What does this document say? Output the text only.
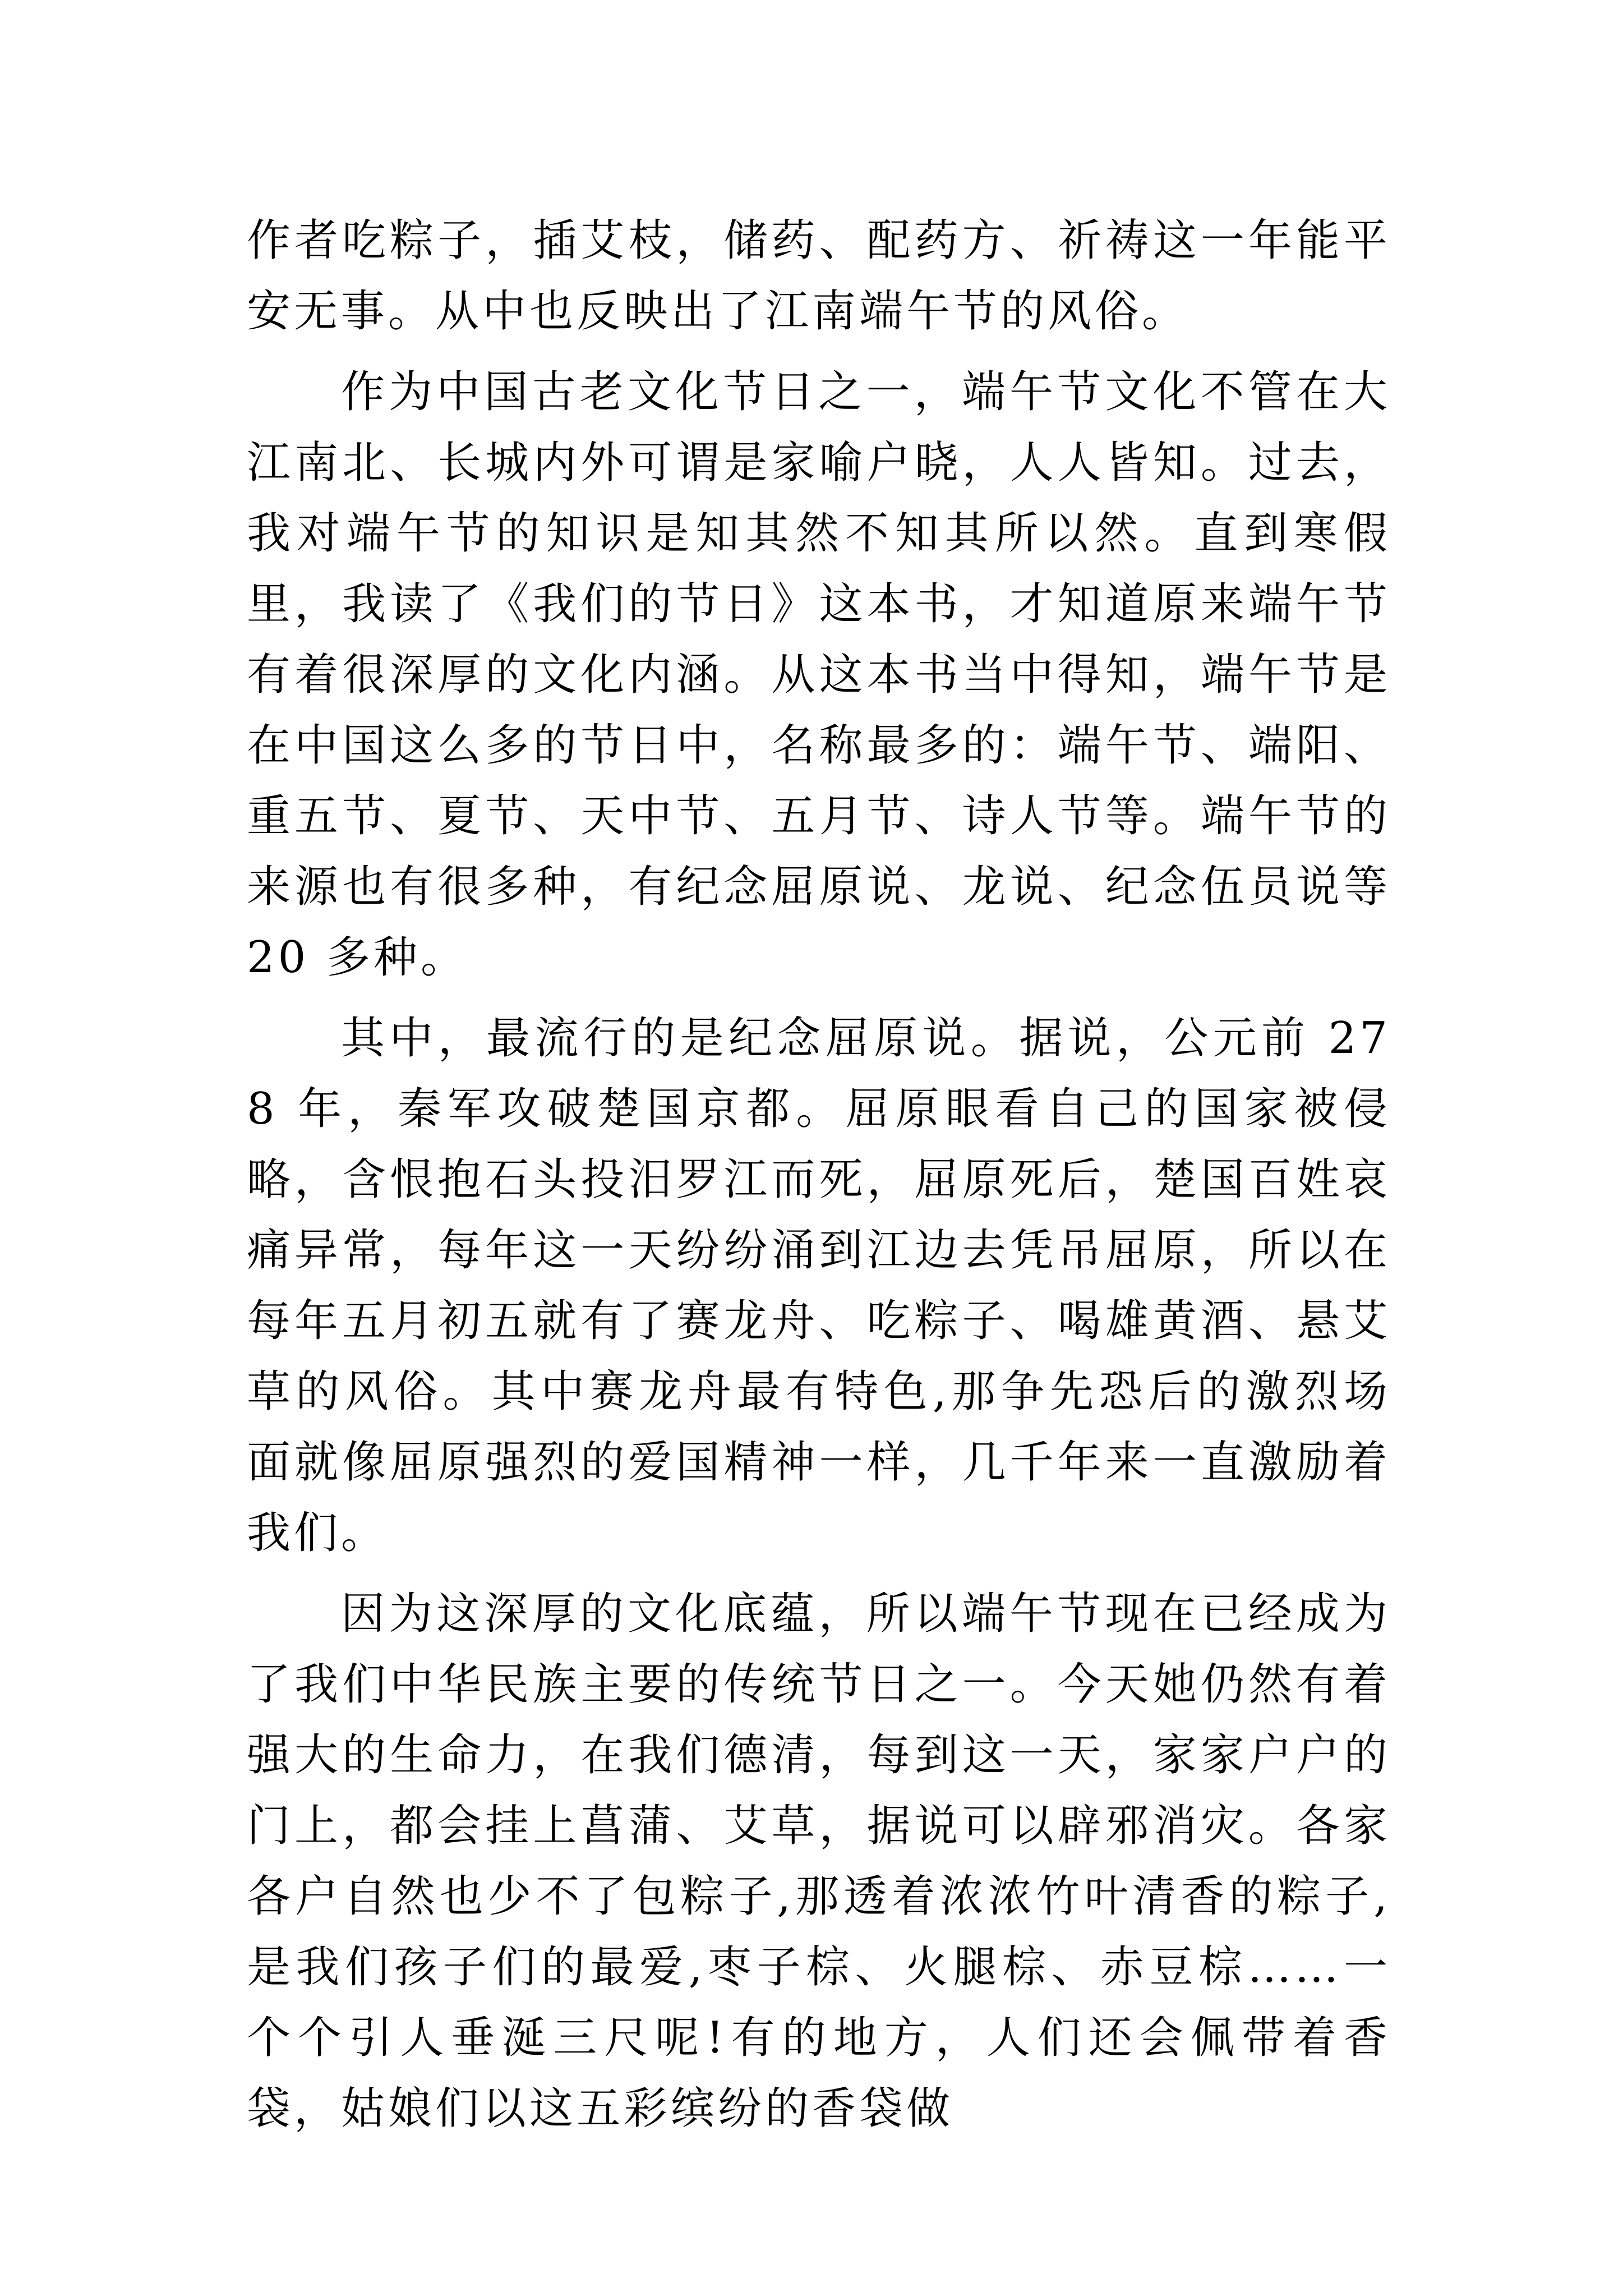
作者吃粽子，插艾枝，储药、配药方、祈祷这一年能平安无事。从中也反映出了江南端午节的风俗。

作为中国古老文化节日之一，端午节文化不管在大江南北、长城内外可谓是家喻户晓，人人皆知。过去，我对端午节的知识是知其然不知其所以然。直到寒假里，我读了《我们的节日》这本书，才知道原来端午节有着很深厚的文化内涵。从这本书当中得知，端午节是在中国这么多的节日中，名称最多的：端午节、端阳、重五节、夏节、天中节、五月节、诗人节等。端午节的来源也有很多种，有纪念屈原说、龙说、纪念伍员说等 20 多种。

其中，最流行的是纪念屈原说。据说，公元前 278 年，秦军攻破楚国京都。屈原眼看自己的国家被侵略，含恨抱石头投汨罗江而死，屈原死后，楚国百姓哀痛异常，每年这一天纷纷涌到江边去凭吊屈原，所以在每年五月初五就有了赛龙舟、吃粽子、喝雄黄酒、悬艾草的风俗。其中赛龙舟最有特色,那争先恐后的激烈场面就像屈原强烈的爱国精神一样，几千年来一直激励着我们。

因为这深厚的文化底蕴，所以端午节现在已经成为了我们中华民族主要的传统节日之一。今天她仍然有着强大的生命力，在我们德清，每到这一天，家家户户的门上，都会挂上菖蒲、艾草，据说可以辟邪消灾。各家各户自然也少不了包粽子,那透着浓浓竹叶清香的粽子,是我们孩子们的最爱,枣子棕、火腿棕、赤豆棕……一个个引人垂涎三尺呢!有的地方，人们还会佩带着香袋，姑娘们以这五彩缤纷的香袋做
